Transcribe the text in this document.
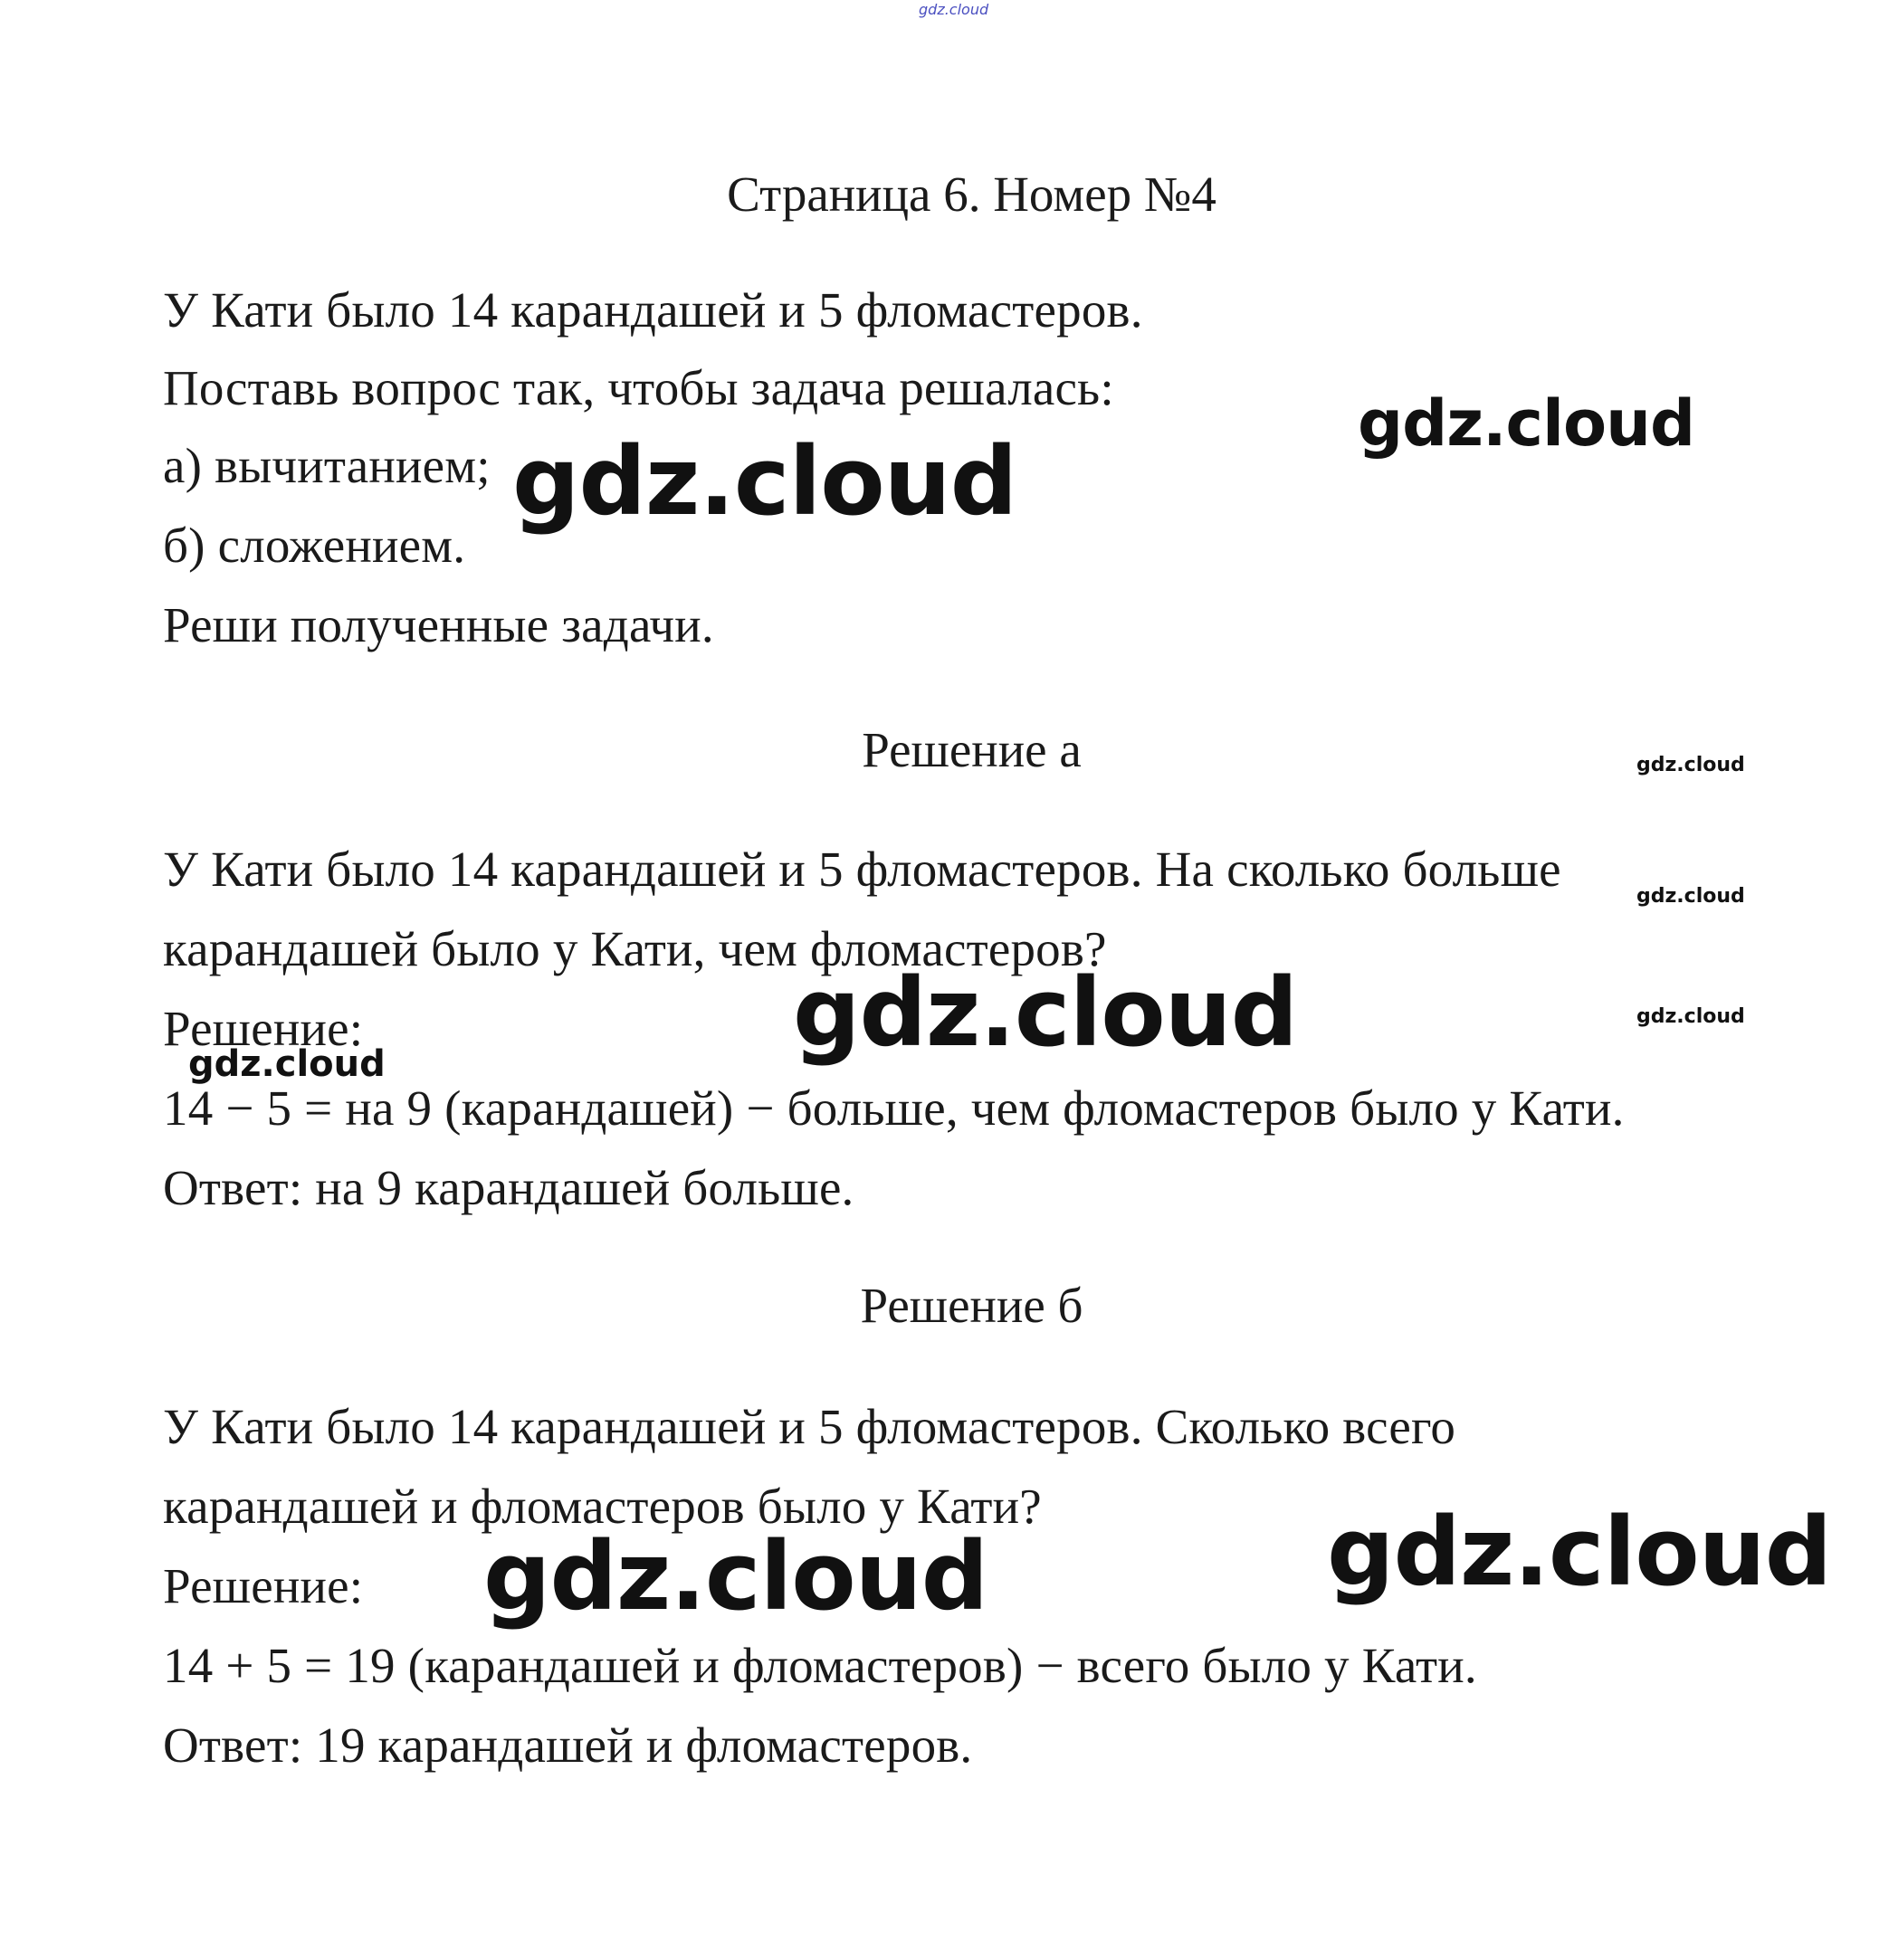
gdz.cloud
Страница 6. Номер №4
У Кати было 14 карандашей и 5 фломастеров.
Поставь вопрос так, чтобы задача решалась:
а) вычитанием;
б) сложением.
Реши полученные задачи.
Решение а
У Кати было 14 карандашей и 5 фломастеров. На сколько больше
карандашей было у Кати, чем фломастеров?
Решение:
14 − 5 = на 9 (карандашей) − больше, чем фломастеров было у Кати.
Ответ: на 9 карандашей больше.
Решение б
У Кати было 14 карандашей и 5 фломастеров. Сколько всего
карандашей и фломастеров было у Кати?
Решение:
14 + 5 = 19 (карандашей и фломастеров) − всего было у Кати.
Ответ: 19 карандашей и фломастеров.
gdz.cloud
gdz.cloud
gdz.cloud
gdz.cloud
gdz.cloud	gdz.cloud
gdz.cloud
gdz.cloud
gdz.cloud
